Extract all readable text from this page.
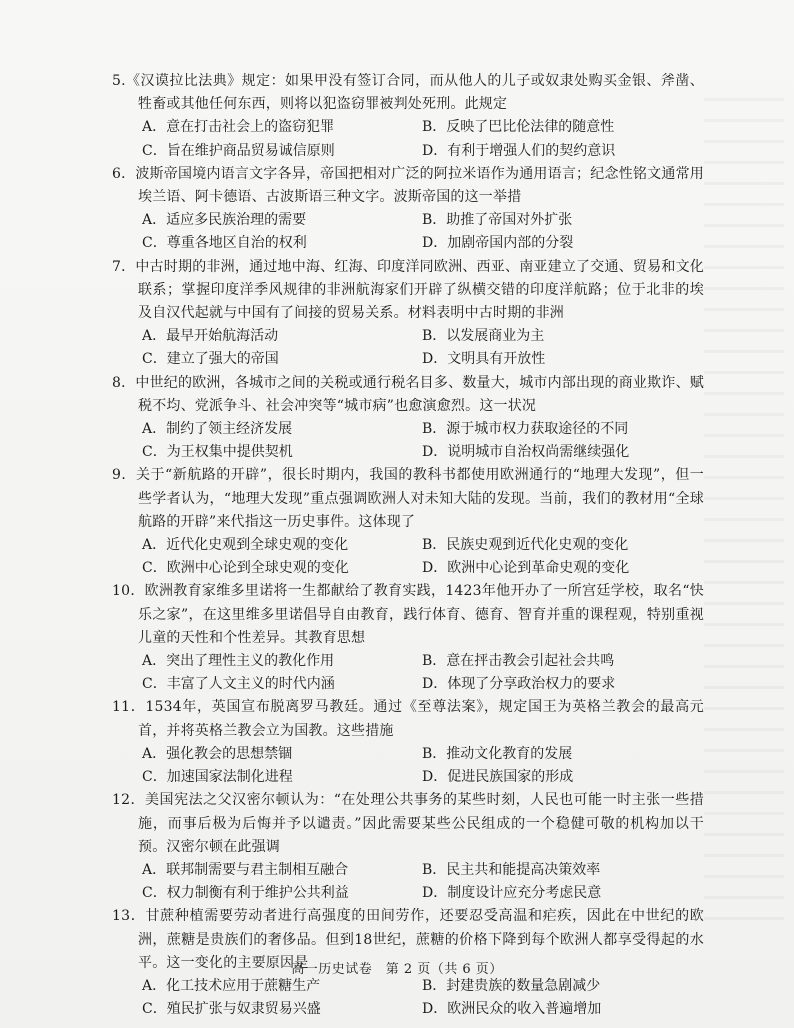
5.《汉谟拉比法典》规定：如果甲没有签订合同，而从他人的儿子或奴隶处购买金银、斧凿、牲畜或其他任何东西，则将以犯盗窃罪被判处死刑。此规定

A．意在打击社会上的盗窃犯罪	B．反映了巴比伦法律的随意性
C．旨在维护商品贸易诚信原则	D．有利于增强人们的契约意识

6．波斯帝国境内语言文字各异，帝国把相对广泛的阿拉米语作为通用语言；纪念性铭文通常用埃兰语、阿卡德语、古波斯语三种文字。波斯帝国的这一举措

A．适应多民族治理的需要	B．助推了帝国对外扩张
C．尊重各地区自治的权利	D．加剧帝国内部的分裂

7．中古时期的非洲，通过地中海、红海、印度洋同欧洲、西亚、南亚建立了交通、贸易和文化联系；掌握印度洋季风规律的非洲航海家们开辟了纵横交错的印度洋航路；位于北非的埃及自汉代起就与中国有了间接的贸易关系。材料表明中古时期的非洲

A．最早开始航海活动	B．以发展商业为主
C．建立了强大的帝国	D．文明具有开放性

8．中世纪的欧洲，各城市之间的关税或通行税名目多、数量大，城市内部出现的商业欺诈、赋税不均、党派争斗、社会冲突等“城市病”也愈演愈烈。这一状况

A．制约了领主经济发展	B．源于城市权力获取途径的不同
C．为王权集中提供契机	D．说明城市自治权尚需继续强化

9．关于“新航路的开辟”，很长时期内，我国的教科书都使用欧洲通行的“地理大发现”，但一些学者认为，“地理大发现”重点强调欧洲人对未知大陆的发现。当前，我们的教材用“全球航路的开辟”来代指这一历史事件。这体现了

A．近代化史观到全球史观的变化	B．民族史观到近代化史观的变化
C．欧洲中心论到全球史观的变化	D．欧洲中心论到革命史观的变化

10．欧洲教育家维多里诺将一生都献给了教育实践，1423年他开办了一所宫廷学校，取名“快乐之家”，在这里维多里诺倡导自由教育，践行体育、德育、智育并重的课程观，特别重视儿童的天性和个性差异。其教育思想

A．突出了理性主义的教化作用	B．意在抨击教会引起社会共鸣
C．丰富了人文主义的时代内涵	D．体现了分享政治权力的要求

11．1534年，英国宣布脱离罗马教廷。通过《至尊法案》，规定国王为英格兰教会的最高元首，并将英格兰教会立为国教。这些措施

A．强化教会的思想禁锢	B．推动文化教育的发展
C．加速国家法制化进程	D．促进民族国家的形成

12．美国宪法之父汉密尔顿认为：“在处理公共事务的某些时刻，人民也可能一时主张一些措施，而事后极为后悔并予以谴责。”因此需要某些公民组成的一个稳健可敬的机构加以干预。汉密尔顿在此强调

A．联邦制需要与君主制相互融合	B．民主共和能提高决策效率
C．权力制衡有利于维护公共利益	D．制度设计应充分考虑民意

13．甘蔗种植需要劳动者进行高强度的田间劳作，还要忍受高温和疟疾，因此在中世纪的欧洲，蔗糖是贵族们的奢侈品。但到18世纪，蔗糖的价格下降到每个欧洲人都享受得起的水平。这一变化的主要原因是

A．化工技术应用于蔗糖生产	B．封建贵族的数量急剧减少
C．殖民扩张与奴隶贸易兴盛	D．欧洲民众的收入普遍增加
高一历史试卷　第 2 页（共 6 页）
